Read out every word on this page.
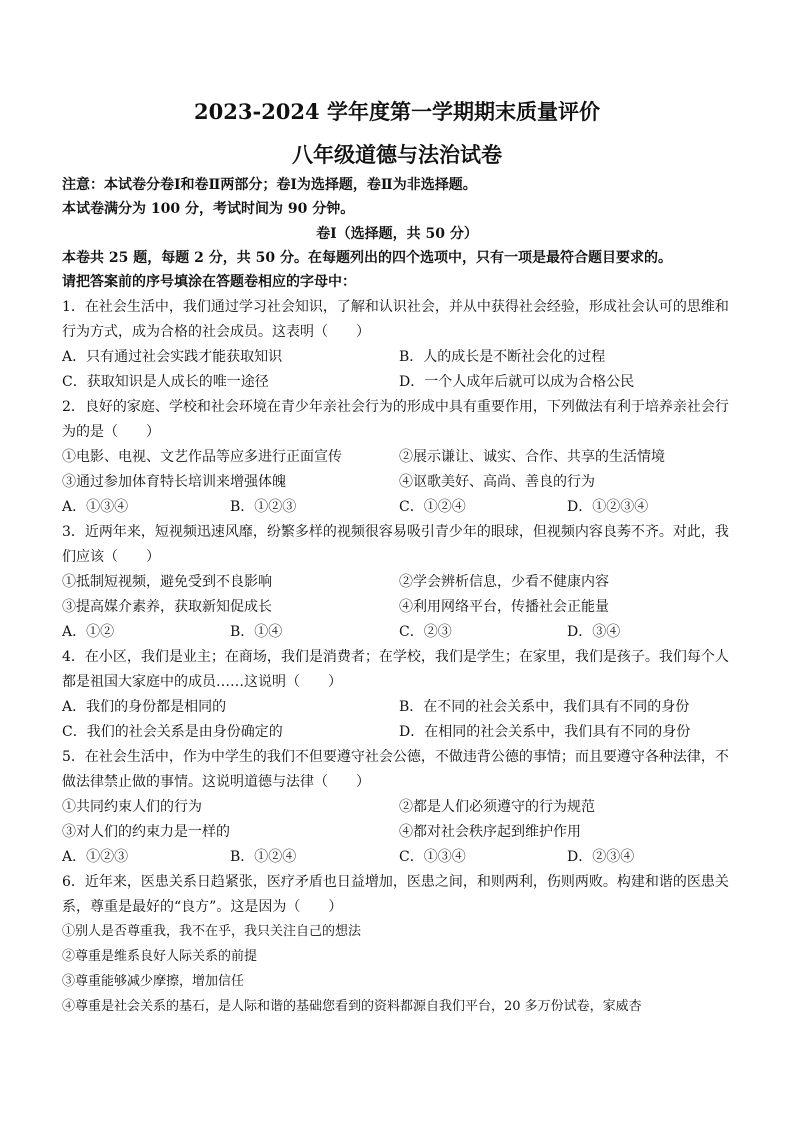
2023-2024 学年度第一学期期末质量评价
八年级道德与法治试卷
注意：本试卷分卷Ⅰ和卷Ⅱ两部分；卷Ⅰ为选择题，卷Ⅱ为非选择题。
本试卷满分为 100 分，考试时间为 90 分钟。
卷Ⅰ（选择题，共 50 分）
本卷共 25 题，每题 2 分，共 50 分。在每题列出的四个选项中，只有一项是最符合题目要求的。
请把答案前的序号填涂在答题卷相应的字母中：
1．在社会生活中，我们通过学习社会知识，了解和认识社会，并从中获得社会经验，形成社会认可的思维和
行为方式，成为合格的社会成员。这表明（　　）
A．只有通过社会实践才能获取知识	B．人的成长是不断社会化的过程
C．获取知识是人成长的唯一途径	D．一个人成年后就可以成为合格公民
2．良好的家庭、学校和社会环境在青少年亲社会行为的形成中具有重要作用，下列做法有利于培养亲社会行
为的是（　　）
①电影、电视、文艺作品等应多进行正面宣传	②展示谦让、诚实、合作、共享的生活情境
③通过参加体育特长培训来增强体魄	④讴歌美好、高尚、善良的行为
A．①③④	B．①②③	C．①②④	D．①②③④
3．近两年来，短视频迅速风靡，纷繁多样的视频很容易吸引青少年的眼球，但视频内容良莠不齐。对此，我
们应该（　　）
①抵制短视频，避免受到不良影响	②学会辨析信息，少看不健康内容
③提高媒介素养，获取新知促成长	④利用网络平台，传播社会正能量
A．①②	B．①④	C．②③	D．③④
4．在小区，我们是业主；在商场，我们是消费者；在学校，我们是学生；在家里，我们是孩子。我们每个人
都是祖国大家庭中的成员……这说明（　　）
A．我们的身份都是相同的	B．在不同的社会关系中，我们具有不同的身份
C．我们的社会关系是由身份确定的	D．在相同的社会关系中，我们具有不同的身份
5．在社会生活中，作为中学生的我们不但要遵守社会公德，不做违背公德的事情；而且要遵守各种法律，不
做法律禁止做的事情。这说明道德与法律（　　）
①共同约束人们的行为	②都是人们必须遵守的行为规范
③对人们的约束力是一样的	④都对社会秩序起到维护作用
A．①②③	B．①②④	C．①③④	D．②③④
6．近年来，医患关系日趋紧张，医疗矛盾也日益增加，医患之间，和则两利，伤则两败。构建和谐的医患关
系，尊重是最好的“良方”。这是因为（　　）
①别人是否尊重我，我不在乎，我只关注自己的想法
②尊重是维系良好人际关系的前提
③尊重能够减少摩擦，增加信任
④尊重是社会关系的基石，是人际和谐的基础您看到的资料都源自我们平台，20 多万份试卷，家威杏
